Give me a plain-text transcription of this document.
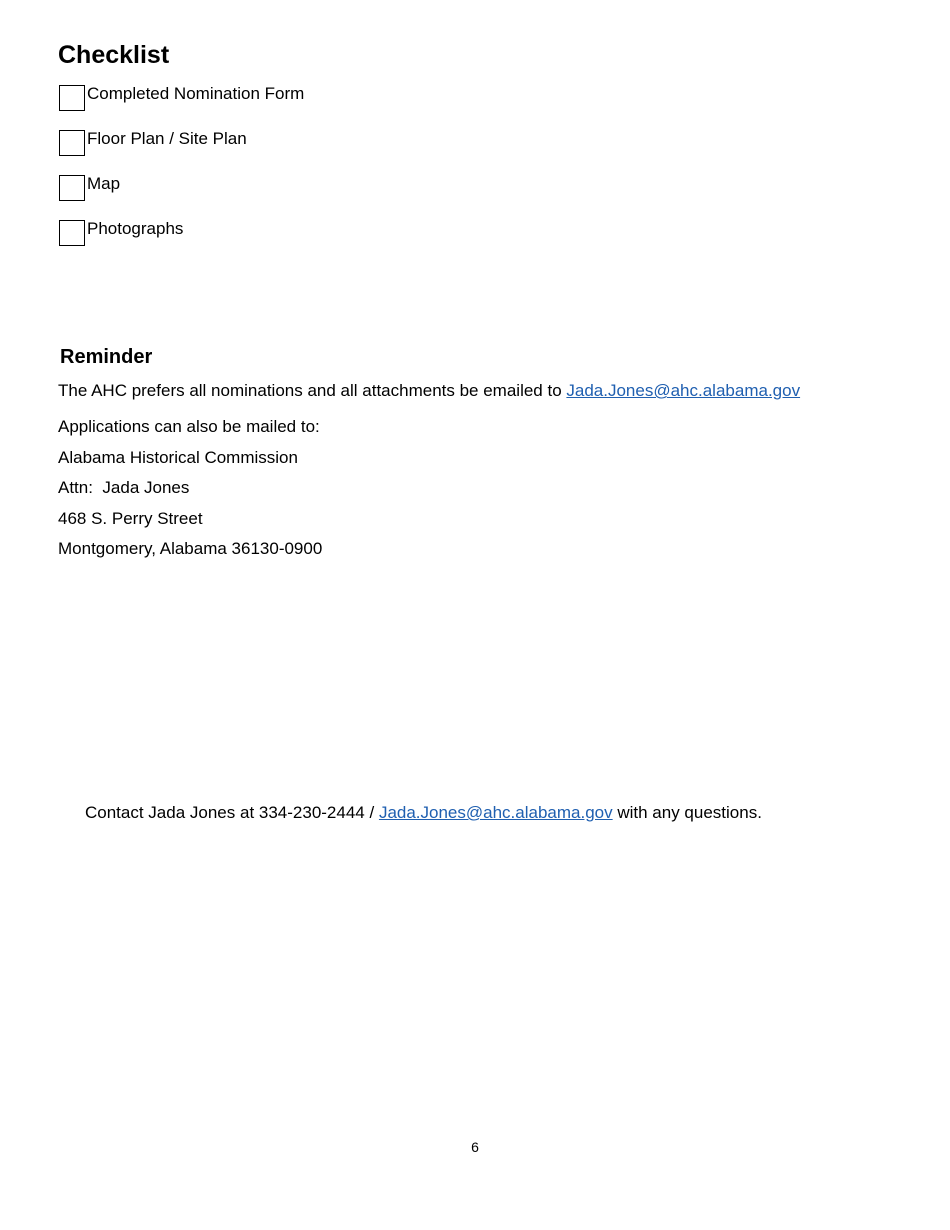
Checklist
Completed Nomination Form
Floor Plan / Site Plan
Map
Photographs
Reminder
The AHC prefers all nominations and all attachments be emailed to Jada.Jones@ahc.alabama.gov
Applications can also be mailed to:
Alabama Historical Commission
Attn:  Jada Jones
468 S. Perry Street
Montgomery, Alabama 36130-0900
Contact Jada Jones at 334-230-2444 / Jada.Jones@ahc.alabama.gov with any questions.
6
